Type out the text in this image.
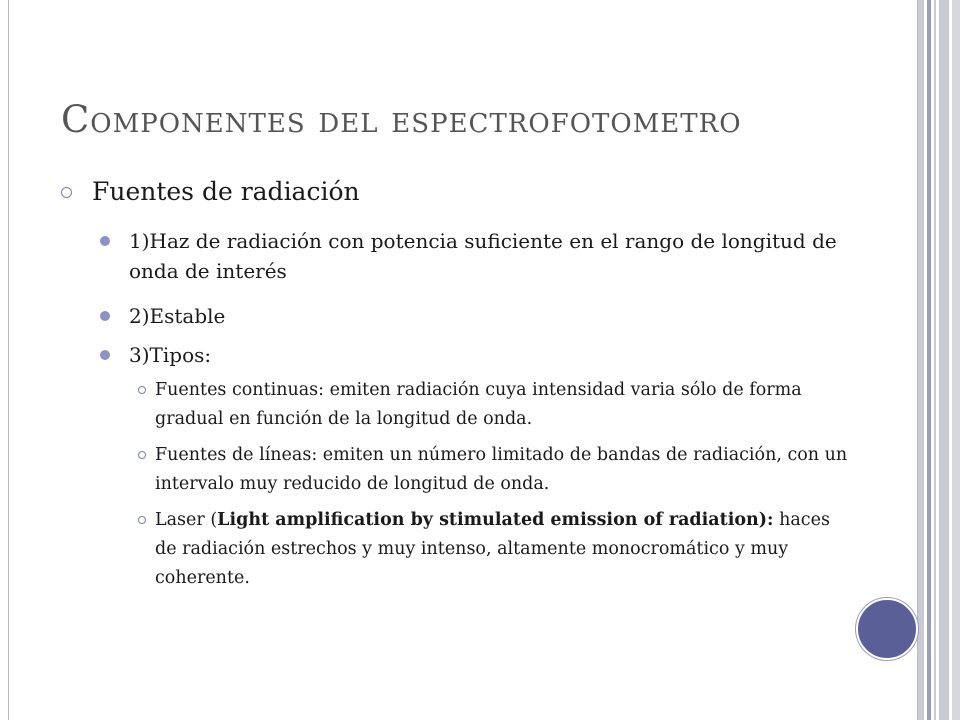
Componentes del espectrofotometro

Fuentes de radiación

1)Haz de radiación con potencia suficiente en el rango de longitud de onda de interés
2)Estable
3)Tipos:
Fuentes continuas: emiten radiación cuya intensidad varia sólo de forma gradual en función de la longitud de onda.
Fuentes de líneas: emiten un número limitado de bandas de radiación, con un intervalo muy reducido de longitud de onda.
Laser (Light amplification by stimulated emission of radiation): haces de radiación estrechos y muy intenso, altamente monocromático y muy coherente.
